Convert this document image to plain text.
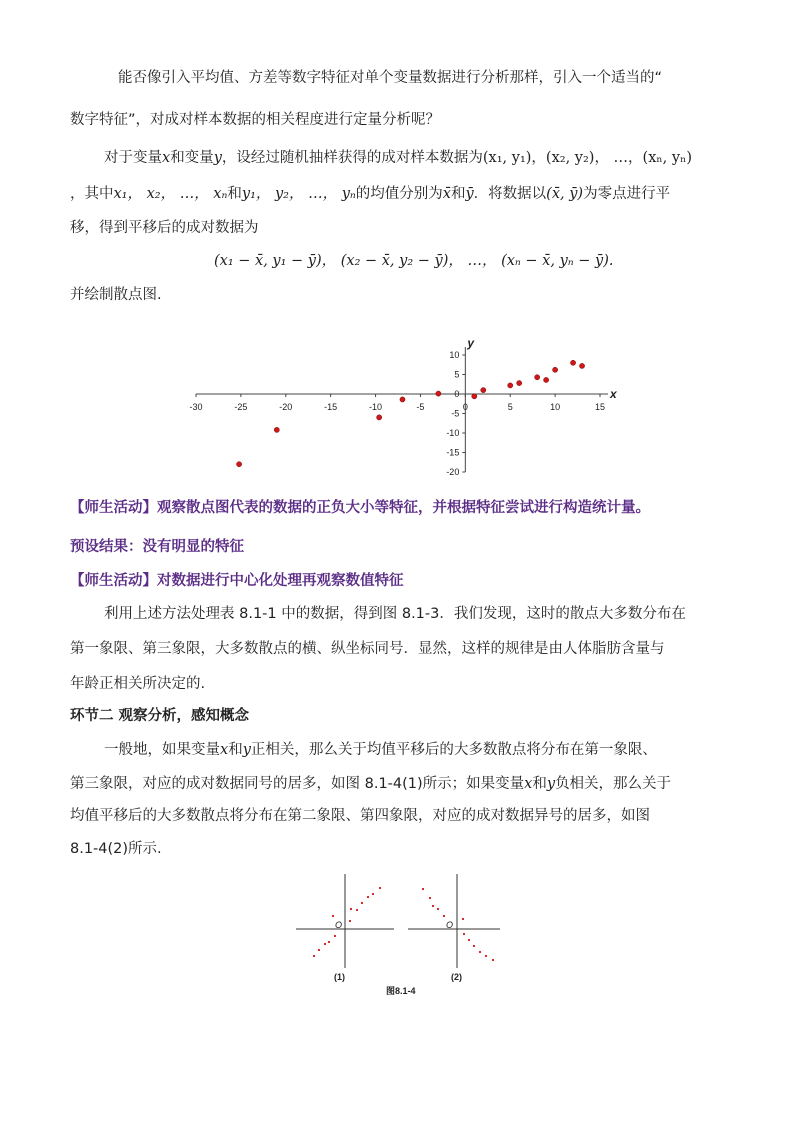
能否像引入平均值、方差等数字特征对单个变量数据进行分析那样，引入一个适当的“
数字特征”，对成对样本数据的相关程度进行定量分析呢？
对于变量x和变量y，设经过随机抽样获得的成对样本数据为(x₁, y₁)，(x₂, y₂)， …，(xₙ, yₙ)
，其中x₁， x₂， …， xₙ和y₁， y₂， …， yₙ的均值分别为x̄和ȳ．将数据以(x̄, ȳ)为零点进行平
移，得到平移后的成对数据为
(x₁ − x̄, y₁ − ȳ)， (x₂ − x̄, y₂ − ȳ)， …， (xₙ − x̄, yₙ − ȳ).
并绘制散点图.
-30	-25	-20	-15	-10	-5	0	5	10	15
-20
-15
-10
-5
0
5
10
x
y
【师生活动】观察散点图代表的数据的正负大小等特征，并根据特征尝试进行构造统计量。
预设结果：没有明显的特征
【师生活动】对数据进行中心化处理再观察数值特征
利用上述方法处理表 8.1-1 中的数据，得到图 8.1-3．我们发现，这时的散点大多数分布在
第一象限、第三象限，大多数散点的横、纵坐标同号．显然，这样的规律是由人体脂肪含量与
年龄正相关所决定的.
环节二 观察分析，感知概念
一般地，如果变量x和y正相关，那么关于均值平移后的大多数散点将分布在第一象限、
第三象限，对应的成对数据同号的居多，如图 8.1-4(1)所示；如果变量x和y负相关，那么关于
均值平移后的大多数散点将分布在第二象限、第四象限，对应的成对数据异号的居多，如图
8.1-4(2)所示.
O
(1)
O
(2)
图8.1-4
